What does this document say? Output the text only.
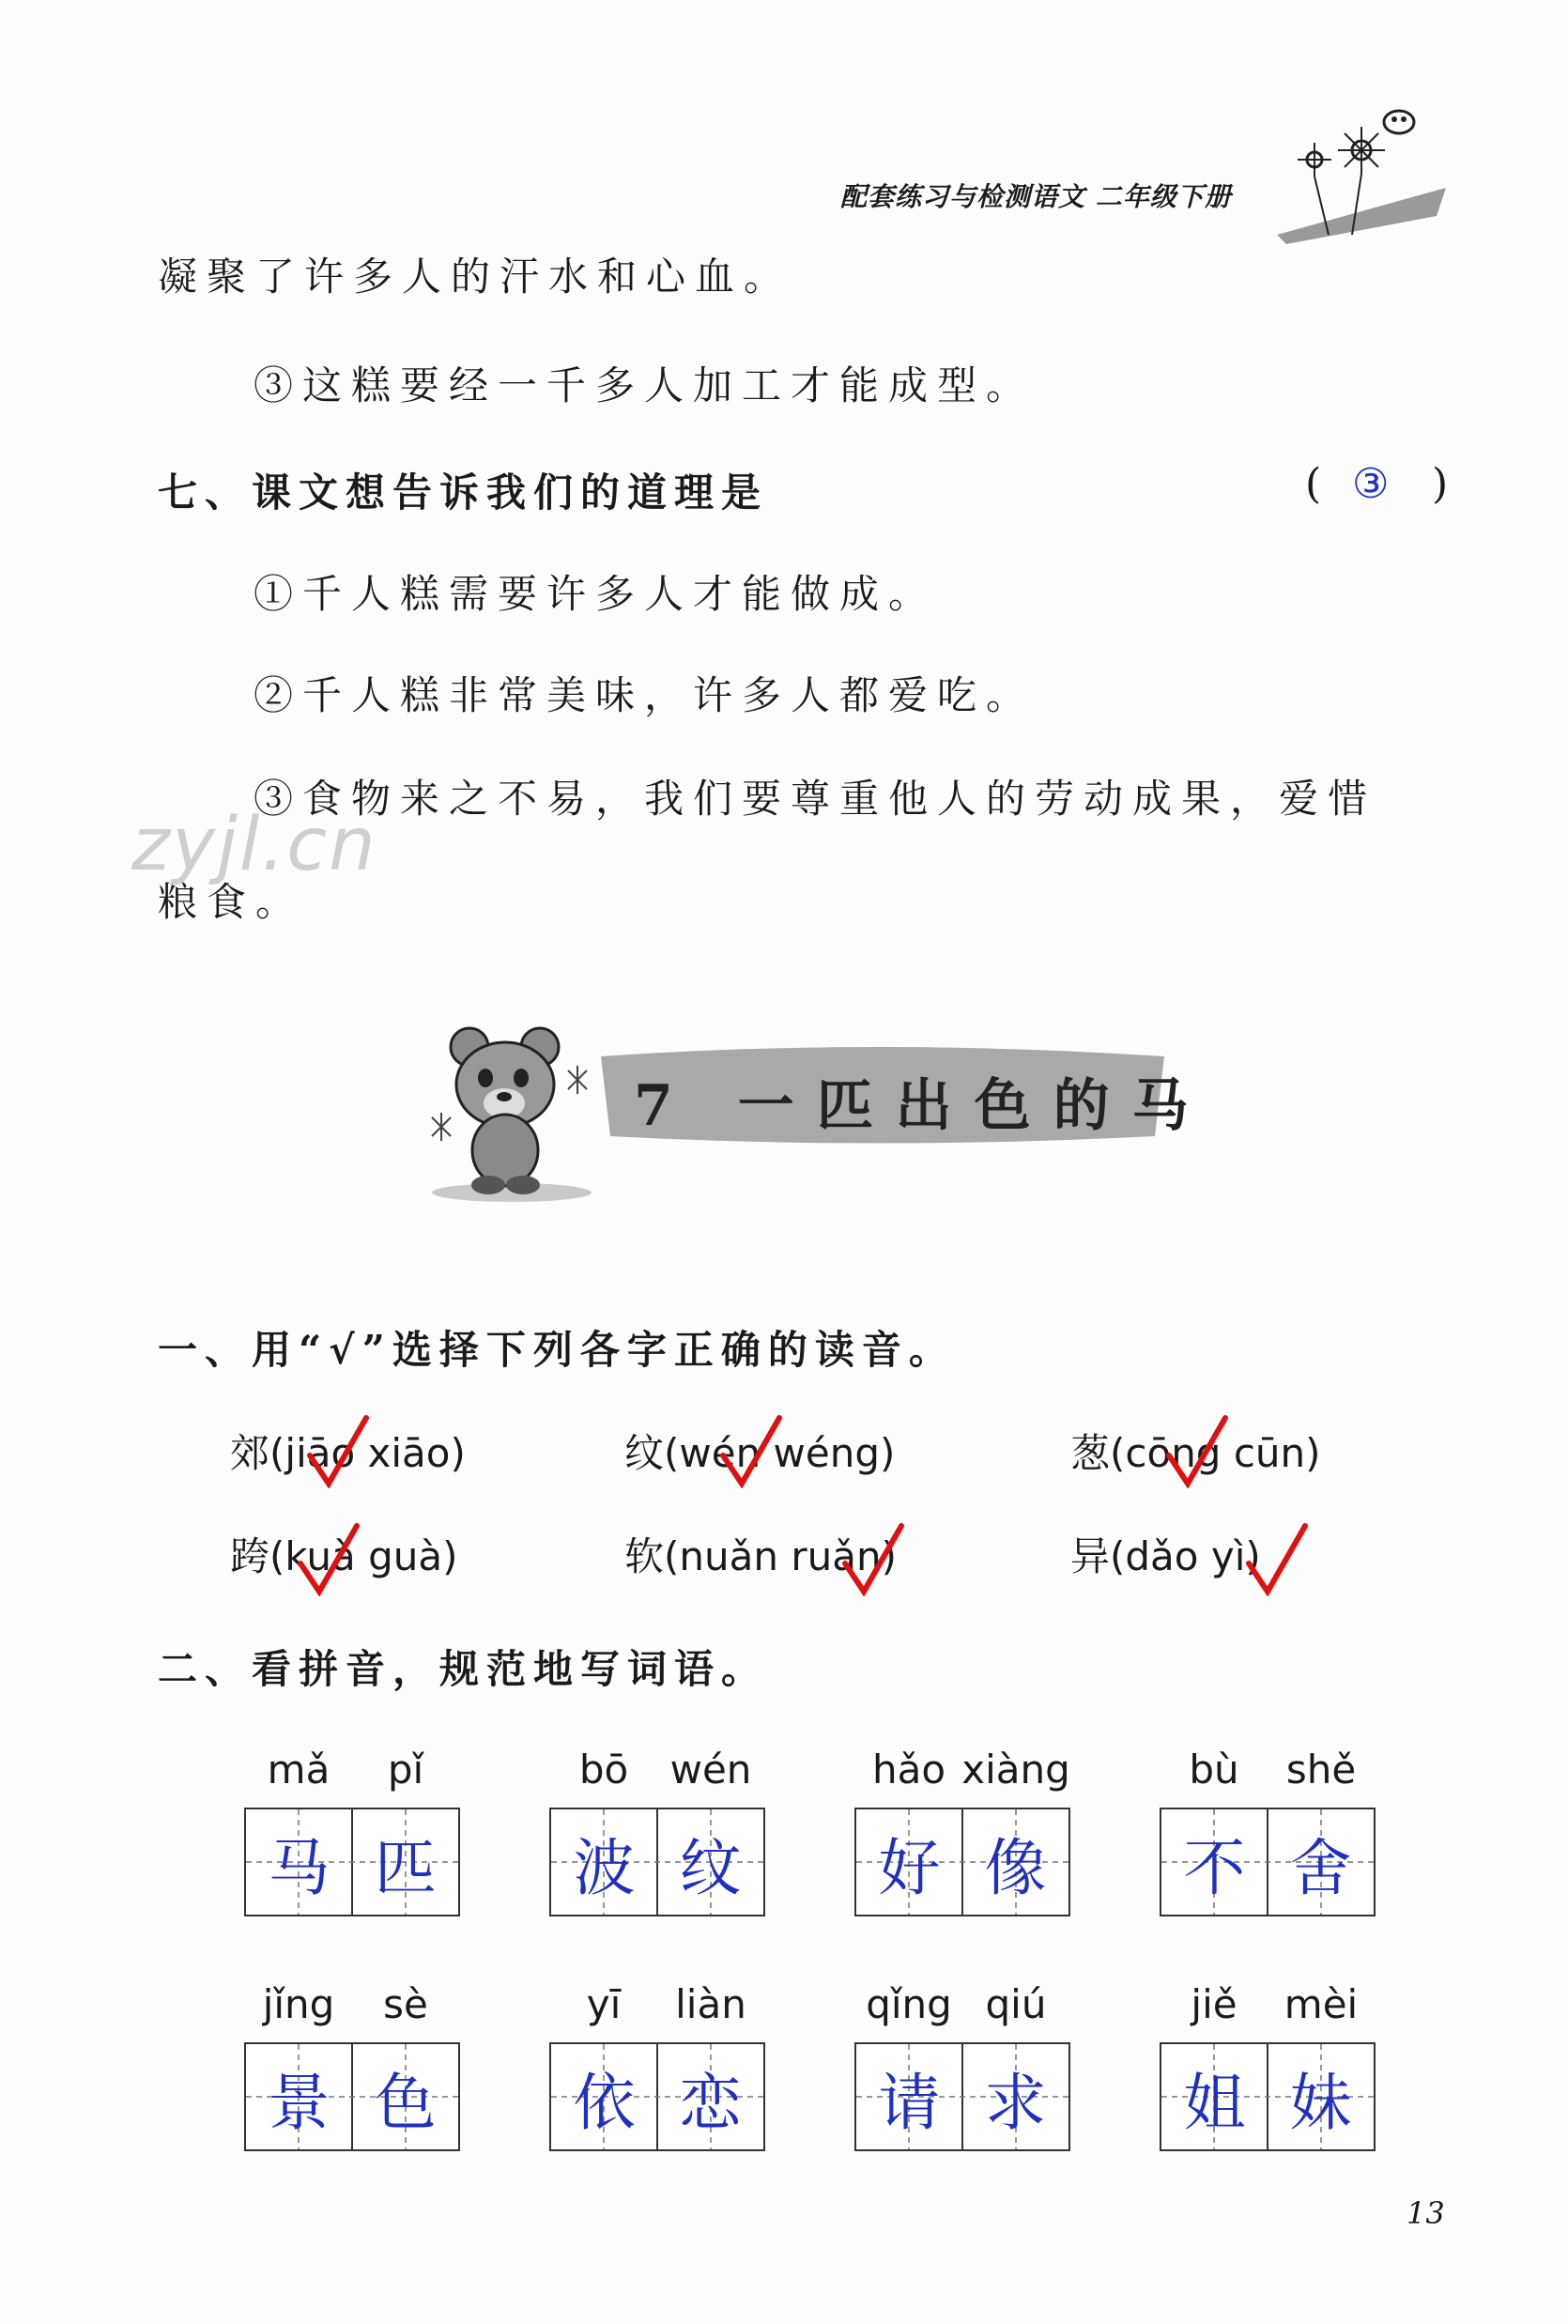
配套练习与检测语文 二年级下册
凝聚了许多人的汗水和心血。
③这糕要经一千多人加工才能成型。
七、课文想告诉我们的道理是	( ③ )
①千人糕需要许多人才能做成。
②千人糕非常美味，许多人都爱吃。
③食物来之不易，我们要尊重他人的劳动成果，爱惜
粮食。
zyjl.cn
7 一匹出色的马
一、用“√”选择下列各字正确的读音。
郊(jiāo xiāo)	纹(wén wéng)	葱(cōng cūn)
跨(kuà guà)	软(nuǎn ruǎn)	异(dǎo yì)
二、看拼音，规范地写词语。
mǎ	pǐ
马 匹
bō	wén
波 纹
hǎo xiàng
好 像
bù	shě
不 舍
jǐng	sè
景 色
yī	liàn
依 恋
qǐng qiú
请 求
jiě	mèi
姐 妹
13
